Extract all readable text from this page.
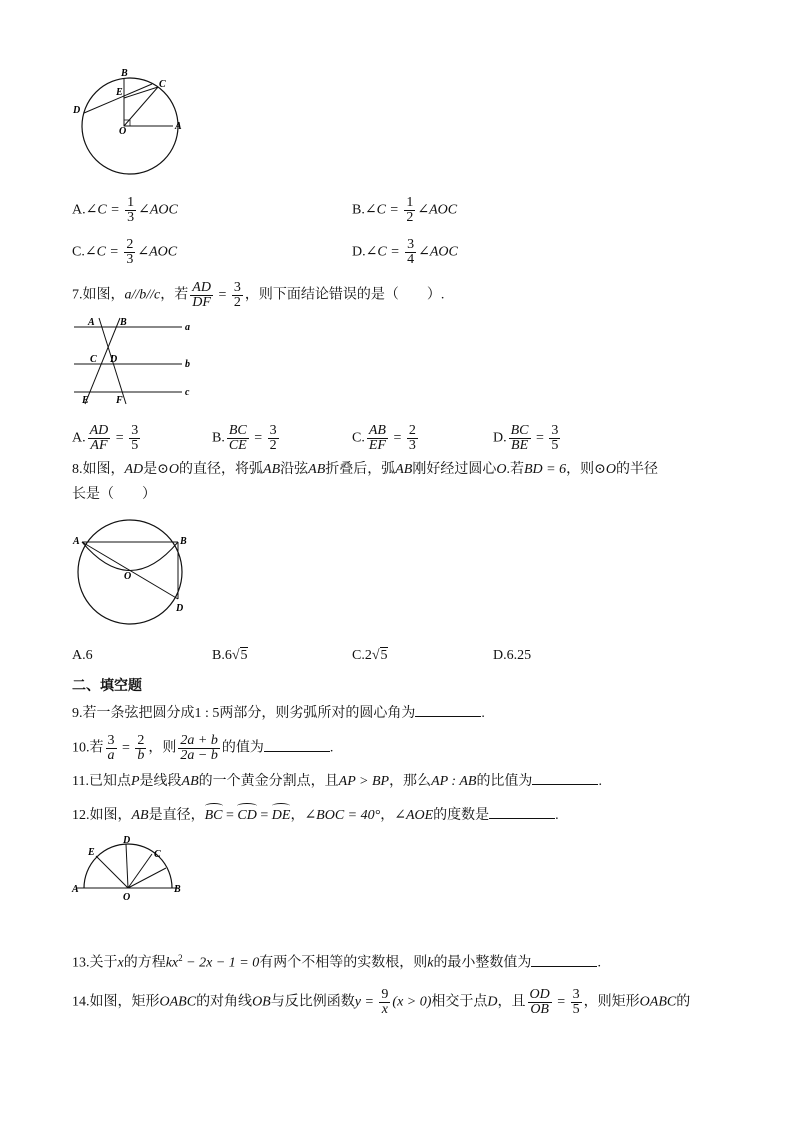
B
C
E
D
O	A
A.∠C = $\frac{1}{3}$ ∠AOC	B.∠C = $\frac{1}{2}$ ∠AOC
C.∠C = $\frac{2}{3}$ ∠AOC	D.∠C = $\frac{3}{4}$ ∠AOC
7.如图，a//b//c，若 $\frac{AD}{DF} = \frac{3}{2}$ ，则下面结论错误的是（　　）.
A	B	a
C D	b
c
E	F
A. $\frac{AD}{AF} = \frac{3}{5}$	B. $\frac{BC}{CE} = \frac{3}{2}$	C. $\frac{AB}{EF} = \frac{2}{3}$	D. $\frac{BC}{BE} = \frac{3}{5}$
8.如图，AD是⊙O的直径，将弧AB沿弦AB折叠后，弧AB刚好经过圆心O.若BD = 6，则⊙O的半径
长是（　　）
A	B
O
D
A.6	B.6√5	C.2√5	D.6.25
二、填空题
9.若一条弦把圆分成1 : 5两部分，则劣弧所对的圆心角为	.
10.若 $\frac{3}{a} = \frac{2}{b}$ ，则 $\frac{2a + b}{2a - b}$ 的值为	.
11.已知点P是线段AB的一个黄金分割点，且AP > BP，那么AP : AB的比值为	.
12.如图，AB是直径，BC = CD = DE，∠BOC = 40°，∠AOE的度数是	.
D
E	C
A
O
B
13.关于x的方程$kx^2 - 2x - 1 = 0$有两个不相等的实数根，则k的最小整数值为	.
14.如图，矩形OABC的对角线OB与反比例函数$y = \frac{9}{x} (x > 0)$相交于点D，且 $\frac{OD}{OB} = \frac{3}{5}$ ，则矩形OABC的
